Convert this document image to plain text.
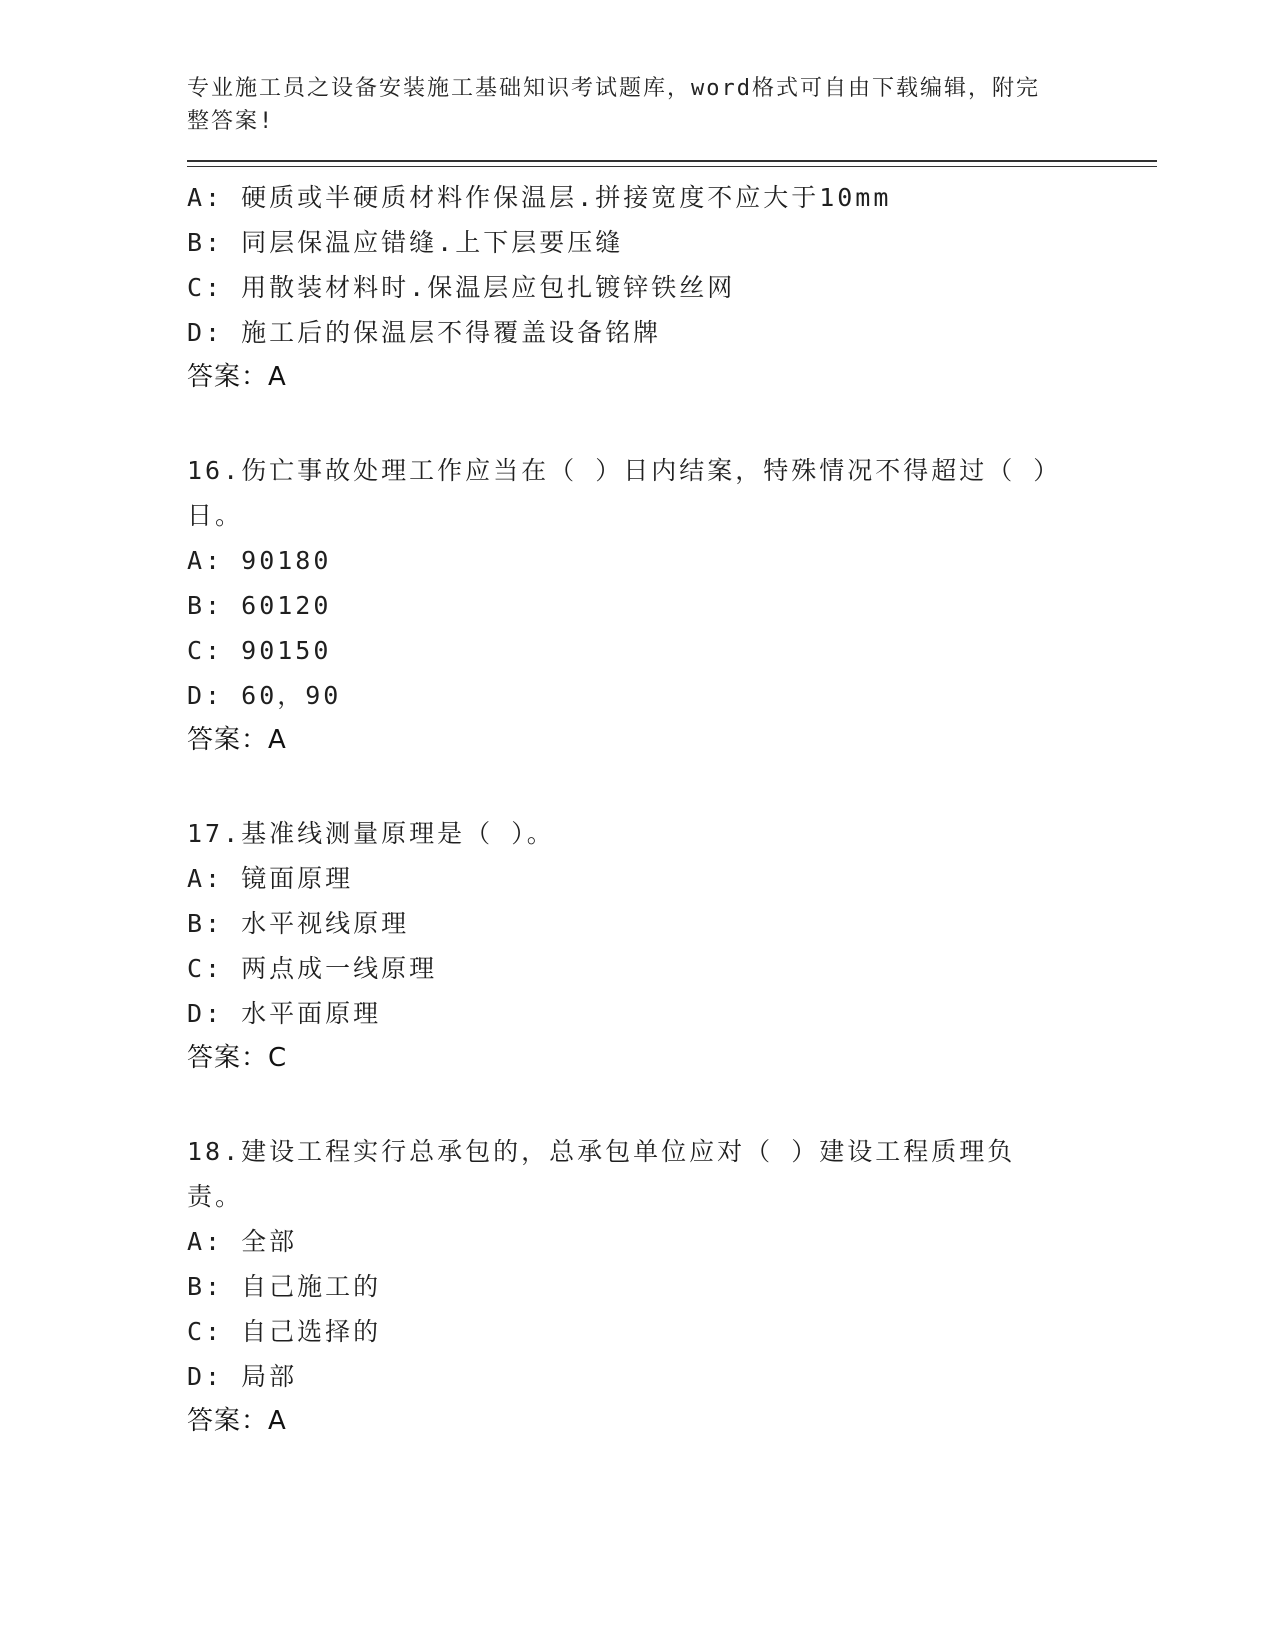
专业施工员之设备安装施工基础知识考试题库，word格式可自由下载编辑，附完整答案!
A: 硬质或半硬质材料作保温层.拼接宽度不应大于10mm
B: 同层保温应错缝.上下层要压缝
C: 用散装材料时.保温层应包扎镀锌铁丝网
D: 施工后的保温层不得覆盖设备铭牌
答案：A
16.伤亡事故处理工作应当在（ ）日内结案，特殊情况不得超过（ ）日。
A: 90180
B: 60120
C: 90150
D: 60，90
答案：A
17.基准线测量原理是（ ）。
A: 镜面原理
B: 水平视线原理
C: 两点成一线原理
D: 水平面原理
答案：C
18.建设工程实行总承包的，总承包单位应对（ ）建设工程质理负责。
A: 全部
B: 自己施工的
C: 自己选择的
D: 局部
答案：A
